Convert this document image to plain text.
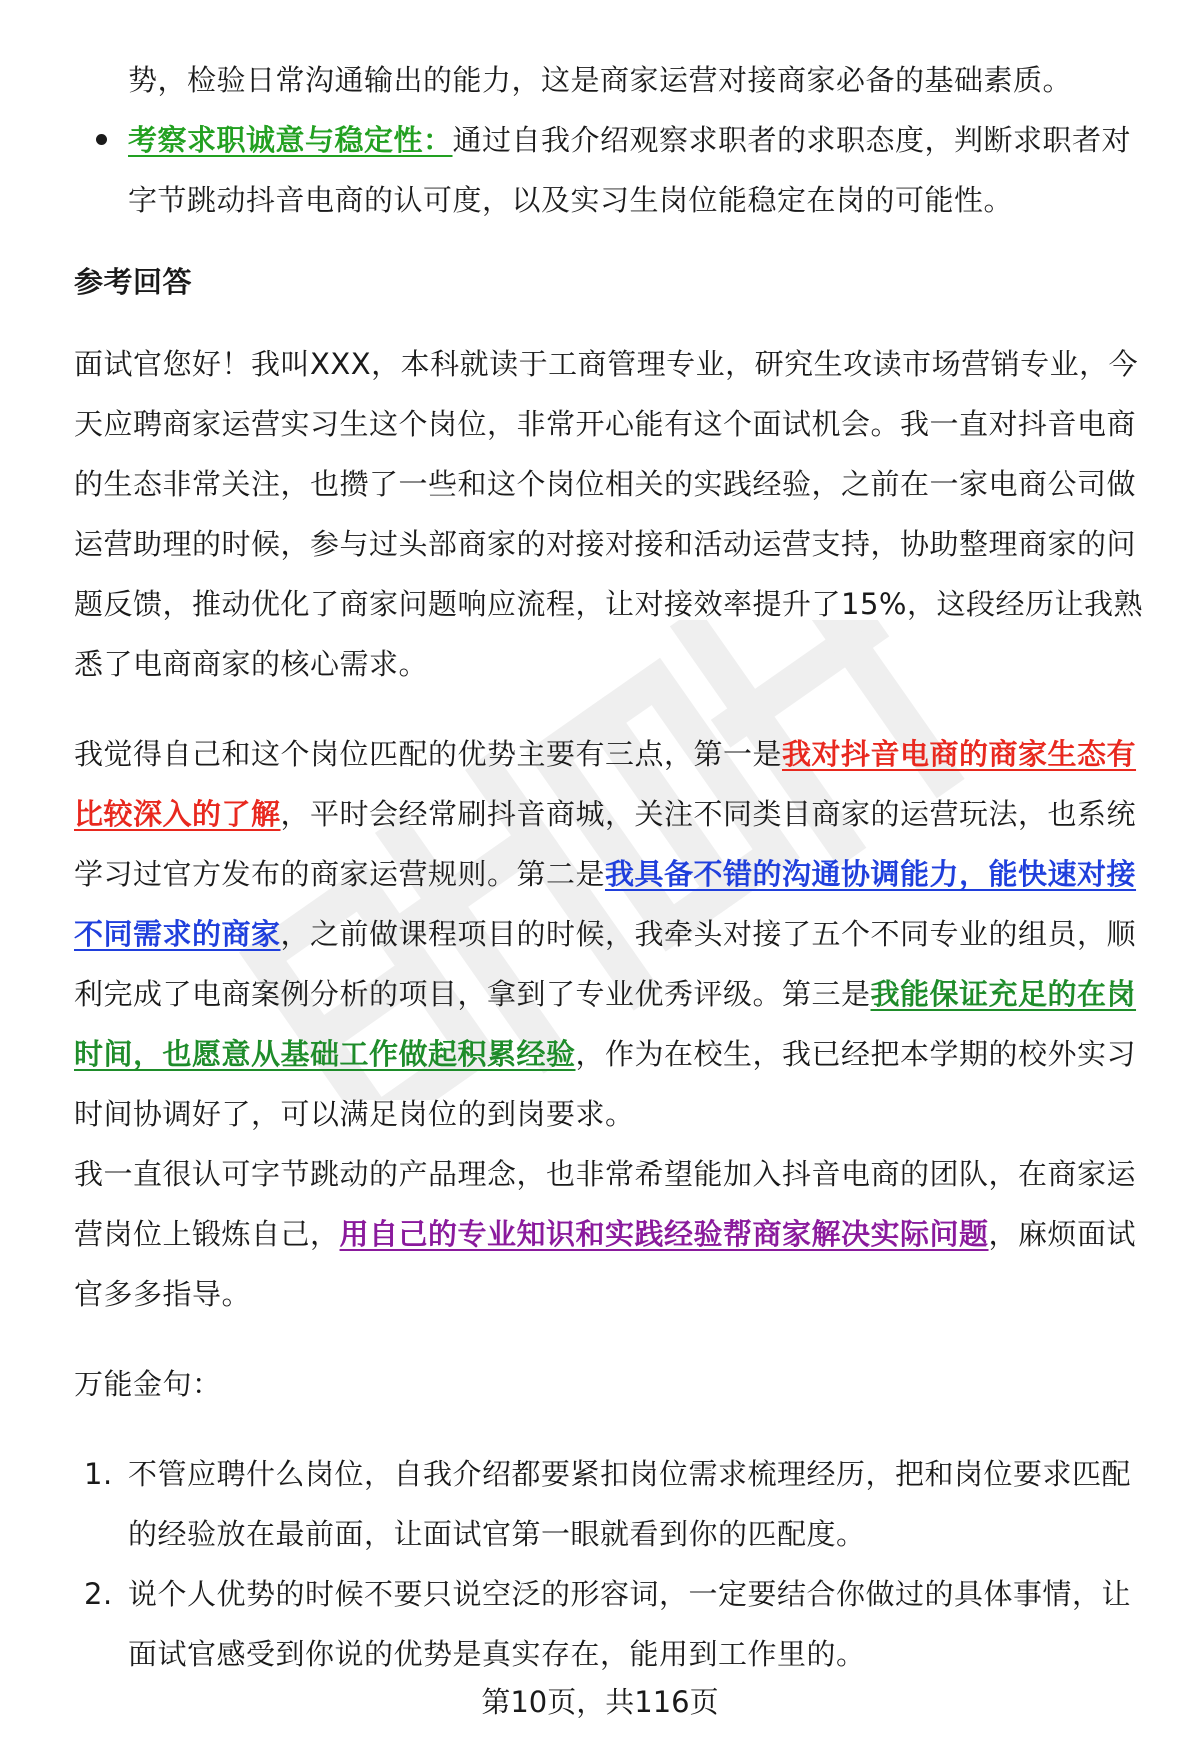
势，检验日常沟通输出的能力，这是商家运营对接商家必备的基础素质。

考察求职诚意与稳定性：通过自我介绍观察求职者的求职态度，判断求职者对字节跳动抖音电商的认可度，以及实习生岗位能稳定在岗的可能性。

参考回答

面试官您好！我叫XXX，本科就读于工商管理专业，研究生攻读市场营销专业，今天应聘商家运营实习生这个岗位，非常开心能有这个面试机会。我一直对抖音电商的生态非常关注，也攒了一些和这个岗位相关的实践经验，之前在一家电商公司做运营助理的时候，参与过头部商家的对接对接和活动运营支持，协助整理商家的问题反馈，推动优化了商家问题响应流程，让对接效率提升了15%，这段经历让我熟悉了电商商家的核心需求。

我觉得自己和这个岗位匹配的优势主要有三点，第一是我对抖音电商的商家生态有比较深入的了解，平时会经常刷抖音商城，关注不同类目商家的运营玩法，也系统学习过官方发布的商家运营规则。第二是我具备不错的沟通协调能力，能快速对接不同需求的商家，之前做课程项目的时候，我牵头对接了五个不同专业的组员，顺利完成了电商案例分析的项目，拿到了专业优秀评级。第三是我能保证充足的在岗时间，也愿意从基础工作做起积累经验，作为在校生，我已经把本学期的校外实习时间协调好了，可以满足岗位的到岗要求。

我一直很认可字节跳动的产品理念，也非常希望能加入抖音电商的团队，在商家运营岗位上锻炼自己，用自己的专业知识和实践经验帮商家解决实际问题，麻烦面试官多多指导。

万能金句：

1. 不管应聘什么岗位，自我介绍都要紧扣岗位需求梳理经历，把和岗位要求匹配的经验放在最前面，让面试官第一眼就看到你的匹配度。
2. 说个人优势的时候不要只说空泛的形容词，一定要结合你做过的具体事情，让面试官感受到你说的优势是真实存在，能用到工作里的。
第10页，共116页
